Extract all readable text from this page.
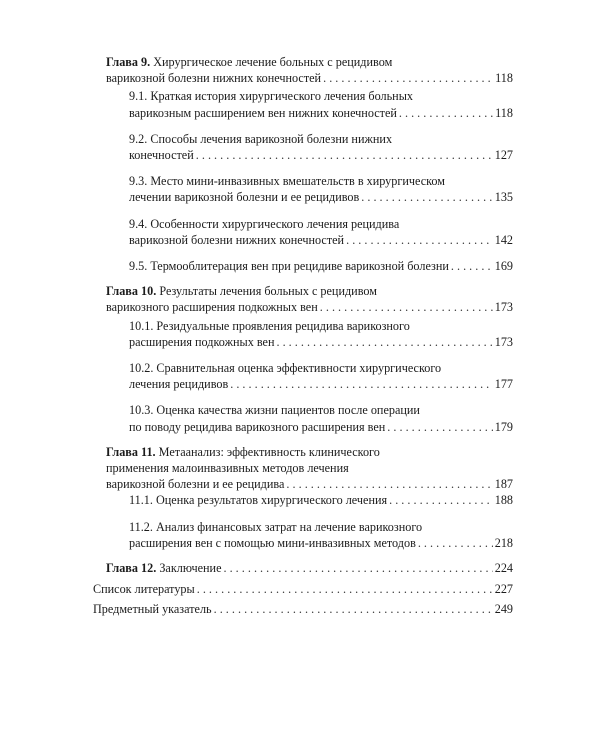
Глава 9. Хирургическое лечение больных с рецидивом
варикозной болезни нижних конечностей . . .	118
9.1. Краткая история хирургического лечения больных
варикозным расширением вен нижних конечностей . . .	118
9.2. Способы лечения варикозной болезни нижних
конечностей . . .	127
9.3. Место мини-инвазивных вмешательств в хирургическом
лечении варикозной болезни и ее рецидивов . . .	135
9.4. Особенности хирургического лечения рецидива
варикозной болезни нижних конечностей . . .	142
9.5. Термооблитерация вен при рецидиве варикозной болезни . . .	169
Глава 10. Результаты лечения больных с рецидивом
варикозного расширения подкожных вен . . .	173
10.1. Резидуальные проявления рецидива варикозного
расширения подкожных вен . . .	173
10.2. Сравнительная оценка эффективности хирургического
лечения рецидивов . . .	177
10.3. Оценка качества жизни пациентов после операции
по поводу рецидива варикозного расширения вен . . .	179
Глава 11. Метаанализ: эффективность клинического
применения малоинвазивных методов лечения
варикозной болезни и ее рецидива . . .	187
11.1. Оценка результатов хирургического лечения . . .	188
11.2. Анализ финансовых затрат на лечение варикозного
расширения вен с помощью мини-инвазивных методов . . .	218
Глава 12. Заключение . . .	224
Список литературы . . .	227
Предметный указатель . . .	249
